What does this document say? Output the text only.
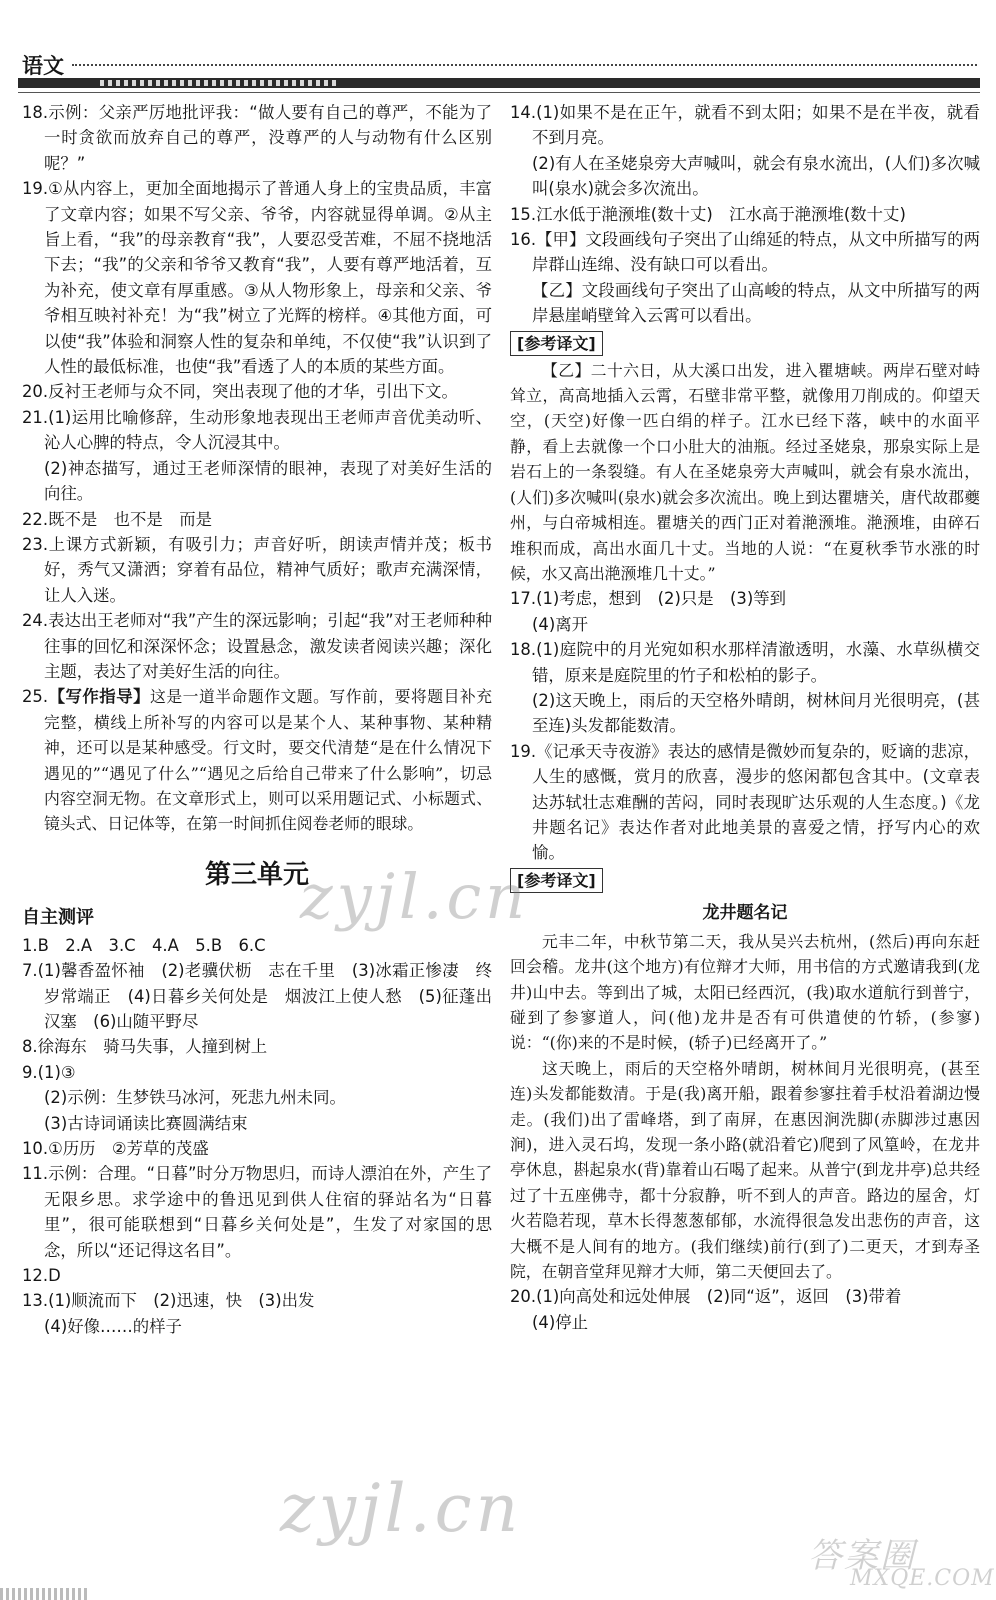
语文

18.示例：父亲严厉地批评我：“做人要有自己的尊严，不能为了一时贪欲而放弃自己的尊严，没尊严的人与动物有什么区别呢？”

19.①从内容上，更加全面地揭示了普通人身上的宝贵品质，丰富了文章内容；如果不写父亲、爷爷，内容就显得单调。②从主旨上看，“我”的母亲教育“我”，人要忍受苦难，不屈不挠地活下去；“我”的父亲和爷爷又教育“我”，人要有尊严地活着，互为补充，使文章有厚重感。③从人物形象上，母亲和父亲、爷爷相互映衬补充！为“我”树立了光辉的榜样。④其他方面，可以使“我”体验和洞察人性的复杂和单纯，不仅使“我”认识到了人性的最低标准，也使“我”看透了人的本质的某些方面。

20.反衬王老师与众不同，突出表现了他的才华，引出下文。

21.(1)运用比喻修辞，生动形象地表现出王老师声音优美动听、沁人心脾的特点，令人沉浸其中。

(2)神态描写，通过王老师深情的眼神，表现了对美好生活的向往。

22.既不是　也不是　而是

23.上课方式新颖，有吸引力；声音好听，朗读声情并茂；板书好，秀气又潇洒；穿着有品位，精神气质好；歌声充满深情，让人入迷。

24.表达出王老师对“我”产生的深远影响；引起“我”对王老师种种往事的回忆和深深怀念；设置悬念，激发读者阅读兴趣；深化主题，表达了对美好生活的向往。

25.【写作指导】这是一道半命题作文题。写作前，要将题目补充完整，横线上所补写的内容可以是某个人、某种事物、某种精神，还可以是某种感受。行文时，要交代清楚“是在什么情况下遇见的”“遇见了什么”“遇见之后给自己带来了什么影响”，切忌内容空洞无物。在文章形式上，则可以采用题记式、小标题式、镜头式、日记体等，在第一时间抓住阅卷老师的眼球。

第三单元
自主测评

1.B　2.A　3.C　4.A　5.B　6.C

7.(1)馨香盈怀袖　(2)老骥伏枥　志在千里　(3)冰霜正惨凄　终岁常端正　(4)日暮乡关何处是　烟波江上使人愁　(5)征蓬出汉塞　(6)山随平野尽

8.徐海东　骑马失事，人撞到树上

9.(1)③

(2)示例：生梦铁马冰河，死悲九州未同。

(3)古诗词诵读比赛圆满结束

10.①历历　②芳草的茂盛

11.示例：合理。“日暮”时分万物思归，而诗人漂泊在外，产生了无限乡思。求学途中的鲁迅见到供人住宿的驿站名为“日暮里”，很可能联想到“日暮乡关何处是”，生发了对家国的思念，所以“还记得这名目”。

12.D

13.(1)顺流而下　(2)迅速，快　(3)出发

(4)好像……的样子

14.(1)如果不是在正午，就看不到太阳；如果不是在半夜，就看不到月亮。

(2)有人在圣姥泉旁大声喊叫，就会有泉水流出，(人们)多次喊叫(泉水)就会多次流出。

15.江水低于滟滪堆(数十丈)　江水高于滟滪堆(数十丈)

16.【甲】文段画线句子突出了山绵延的特点，从文中所描写的两岸群山连绵、没有缺口可以看出。

【乙】文段画线句子突出了山高峻的特点，从文中所描写的两岸悬崖峭壁耸入云霄可以看出。

[参考译文]

【乙】二十六日，从大溪口出发，进入瞿塘峡。两岸石壁对峙耸立，高高地插入云霄，石壁非常平整，就像用刀削成的。仰望天空，(天空)好像一匹白绢的样子。江水已经下落，峡中的水面平静，看上去就像一个口小肚大的油瓶。经过圣姥泉，那泉实际上是岩石上的一条裂缝。有人在圣姥泉旁大声喊叫，就会有泉水流出，(人们)多次喊叫(泉水)就会多次流出。晚上到达瞿塘关，唐代故郡夔州，与白帝城相连。瞿塘关的西门正对着滟滪堆。滟滪堆，由碎石堆积而成，高出水面几十丈。当地的人说：“在夏秋季节水涨的时候，水又高出滟滪堆几十丈。”

17.(1)考虑，想到　(2)只是　(3)等到

(4)离开

18.(1)庭院中的月光宛如积水那样清澈透明，水藻、水草纵横交错，原来是庭院里的竹子和松柏的影子。

(2)这天晚上，雨后的天空格外晴朗，树林间月光很明亮，(甚至连)头发都能数清。

19.《记承天寺夜游》表达的感情是微妙而复杂的，贬谪的悲凉，人生的感慨，赏月的欣喜，漫步的悠闲都包含其中。(文章表达苏轼壮志难酬的苦闷，同时表现旷达乐观的人生态度。)《龙井题名记》表达作者对此地美景的喜爱之情，抒写内心的欢愉。

[参考译文]
龙井题名记

元丰二年，中秋节第二天，我从吴兴去杭州，(然后)再向东赶回会稽。龙井(这个地方)有位辩才大师，用书信的方式邀请我到(龙井)山中去。等到出了城，太阳已经西沉，(我)取水道航行到普宁，碰到了参寥道人，问(他)龙井是否有可供遣使的竹轿，(参寥)说：“(你)来的不是时候，(轿子)已经离开了。”

这天晚上，雨后的天空格外晴朗，树林间月光很明亮，(甚至连)头发都能数清。于是(我)离开船，跟着参寥拄着手杖沿着湖边慢走。(我们)出了雷峰塔，到了南屏，在惠因涧洗脚(赤脚涉过惠因涧)，进入灵石坞，发现一条小路(就沿着它)爬到了风篁岭，在龙井亭休息，斟起泉水(背)靠着山石喝了起来。从普宁(到龙井亭)总共经过了十五座佛寺，都十分寂静，听不到人的声音。路边的屋舍，灯火若隐若现，草木长得葱葱郁郁，水流得很急发出悲伤的声音，这大概不是人间有的地方。(我们继续)前行(到了)二更天，才到寿圣院，在朝音堂拜见辩才大师，第二天便回去了。

20.(1)向高处和远处伸展　(2)同“返”，返回　(3)带着

(4)停止

zyjl.cn
zyjl.cn
答案圈
MXQE.COM
